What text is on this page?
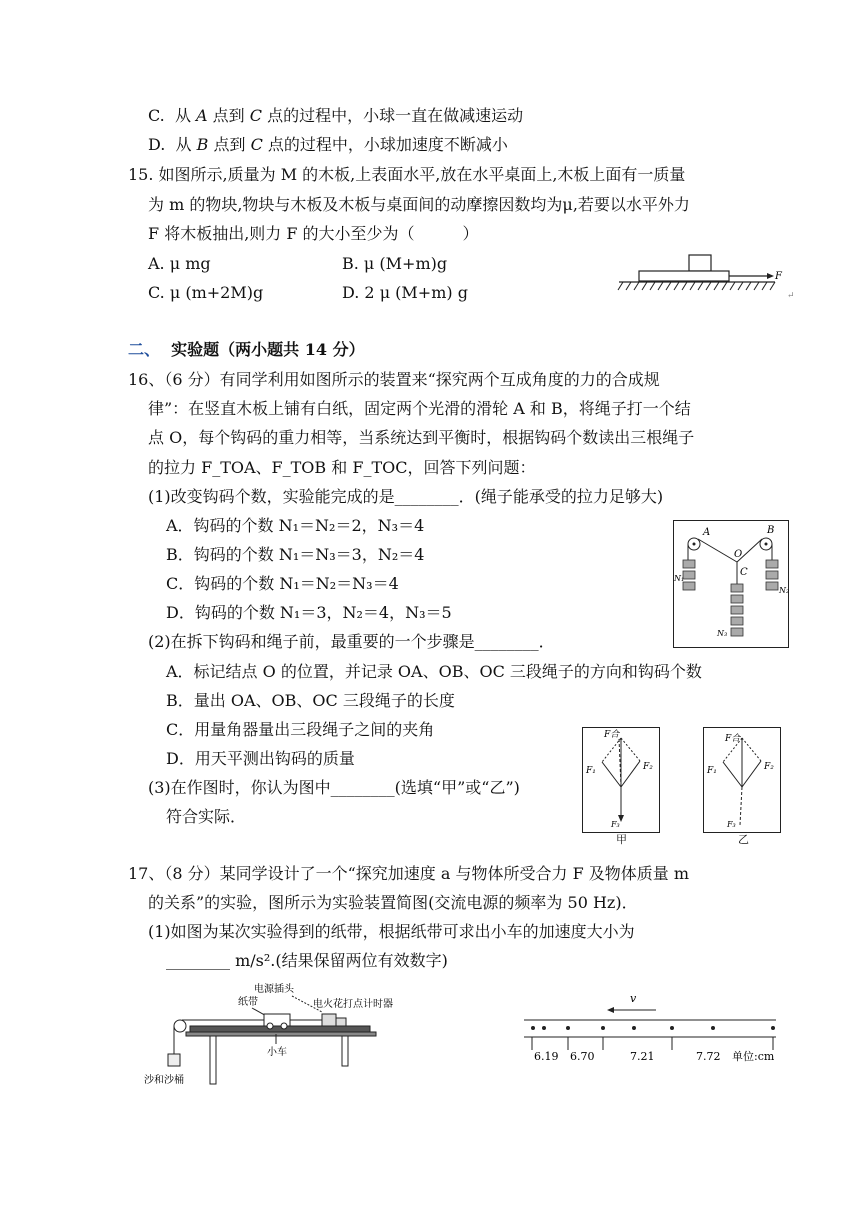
C. 从 A 点到 C 点的过程中，小球一直在做减速运动
D. 从 B 点到 C 点的过程中，小球加速度不断减小
15. 如图所示,质量为 M 的木板,上表面水平,放在水平桌面上,木板上面有一质量
为 m 的物块,物块与木板及木板与桌面间的动摩擦因数均为μ,若要以水平外力
F 将木板抽出,则力 F 的大小至少为（　　　）
A. μ mg	B. μ (M+m)g
C. μ (m+2M)g	D. 2 μ (M+m) g
F
↵
二、 实验题（两小题共 14 分）
16、（6 分）有同学利用如图所示的装置来“探究两个互成角度的力的合成规
律”：在竖直木板上铺有白纸，固定两个光滑的滑轮 A 和 B，将绳子打一个结
点 O，每个钩码的重力相等，当系统达到平衡时，根据钩码个数读出三根绳子
的拉力 F_TOA、F_TOB 和 F_TOC，回答下列问题：
(1)改变钩码个数，实验能完成的是________．(绳子能承受的拉力足够大)
A．钩码的个数 N₁＝N₂＝2，N₃＝4
B．钩码的个数 N₁＝N₃＝3，N₂＝4
C．钩码的个数 N₁＝N₂＝N₃＝4
D．钩码的个数 N₁＝3，N₂＝4，N₃＝5
(2)在拆下钩码和绳子前，最重要的一个步骤是________．
A．标记结点 O 的位置，并记录 OA、OB、OC 三段绳子的方向和钩码个数
B．量出 OA、OB、OC 三段绳子的长度
C．用量角器量出三段绳子之间的夹角
D．用天平测出钩码的质量
(3)在作图时，你认为图中________(选填“甲”或“乙”)
符合实际．
A	B
O
C
N₁
N₂
N₃
F合
F₁	F₂
F₃
甲
F合
F₁	F₂
F₃
乙
17、（8 分）某同学设计了一个“探究加速度 a 与物体所受合力 F 及物体质量 m
的关系”的实验，图所示为实验装置简图(交流电源的频率为 50 Hz)．
(1)如图为某次实验得到的纸带，根据纸带可求出小车的加速度大小为
________ m/s².(结果保留两位有效数字)
电源插头
纸带	电火花打点计时器
小车
沙和沙桶
v
6.19 6.70	7.21	7.72 单位:cm
